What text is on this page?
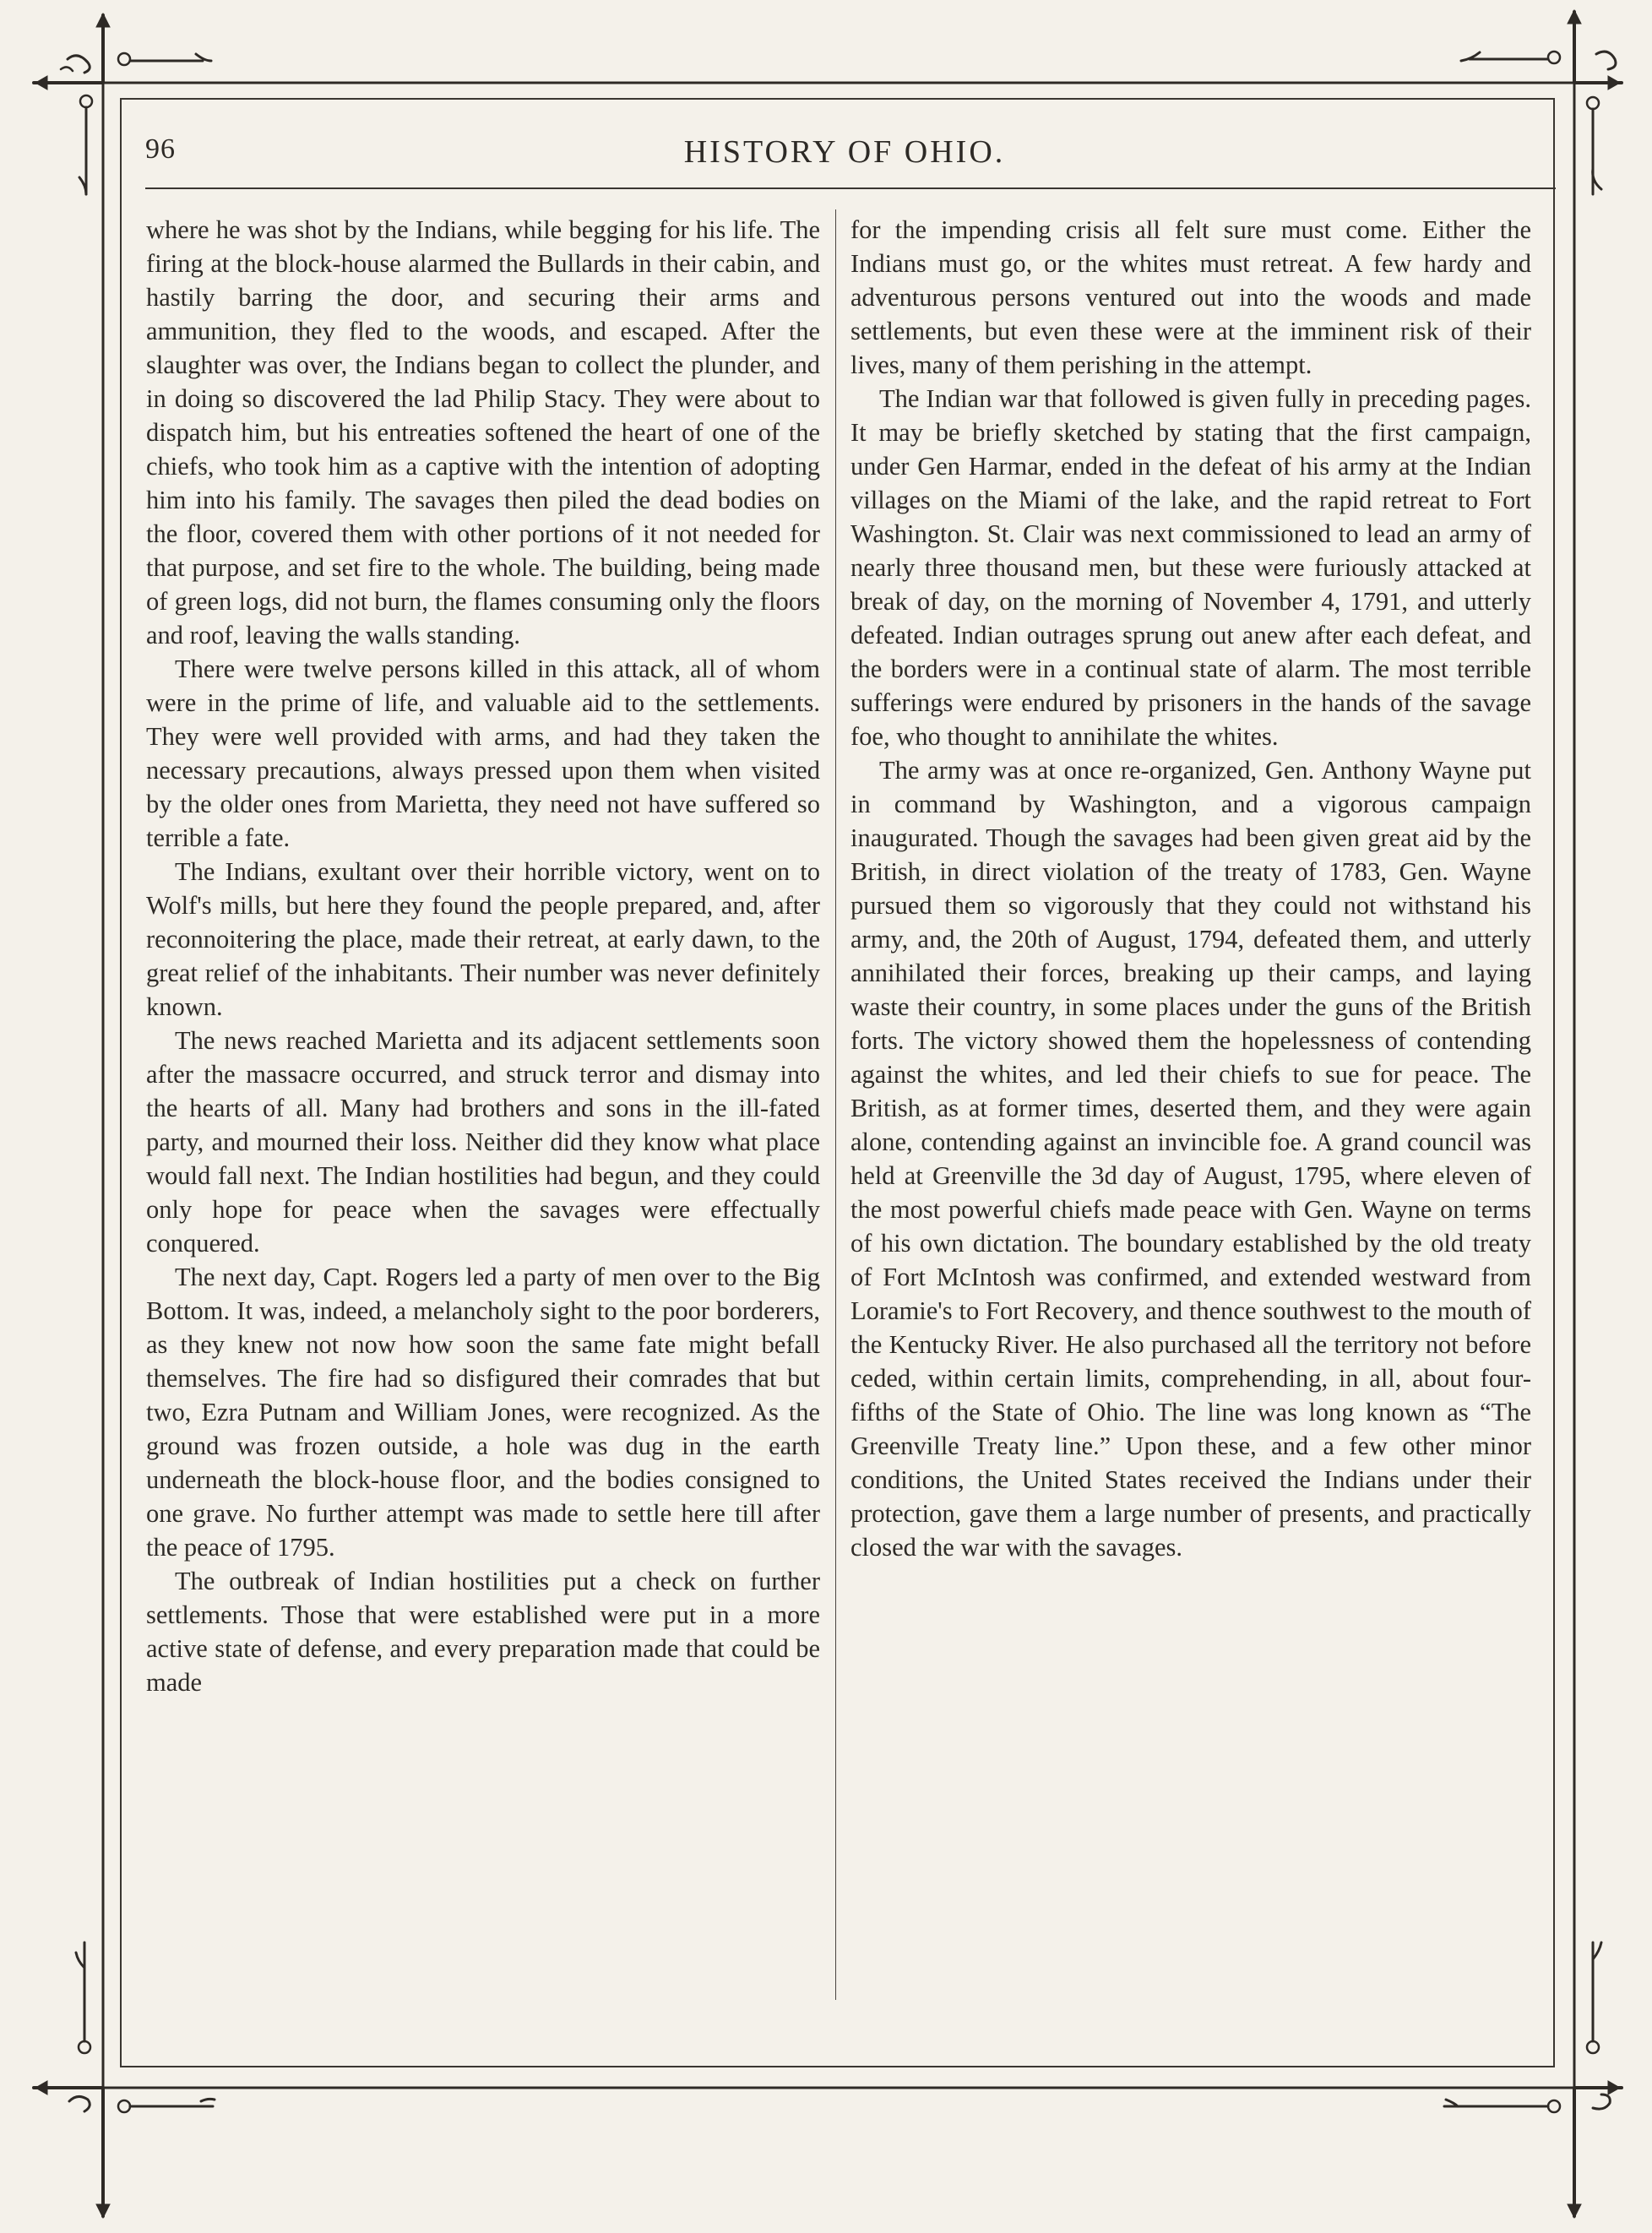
96	HISTORY OF OHIO.

where he was shot by the Indians, while begging for his life. The firing at the block-house alarmed the Bullards in their cabin, and hastily barring the door, and securing their arms and ammunition, they fled to the woods, and escaped. After the slaughter was over, the Indians began to collect the plunder, and in doing so discovered the lad Philip Stacy. They were about to dispatch him, but his entreaties softened the heart of one of the chiefs, who took him as a captive with the intention of adopting him into his family. The savages then piled the dead bodies on the floor, covered them with other portions of it not needed for that purpose, and set fire to the whole. The building, being made of green logs, did not burn, the flames consuming only the floors and roof, leaving the walls standing.

There were twelve persons killed in this attack, all of whom were in the prime of life, and valuable aid to the settlements. They were well provided with arms, and had they taken the necessary precautions, always pressed upon them when visited by the older ones from Marietta, they need not have suffered so terrible a fate.

The Indians, exultant over their horrible victory, went on to Wolf's mills, but here they found the people prepared, and, after reconnoitering the place, made their retreat, at early dawn, to the great relief of the inhabitants. Their number was never definitely known.

The news reached Marietta and its adjacent settlements soon after the massacre occurred, and struck terror and dismay into the hearts of all. Many had brothers and sons in the ill-fated party, and mourned their loss. Neither did they know what place would fall next. The Indian hostilities had begun, and they could only hope for peace when the savages were effectually conquered.

The next day, Capt. Rogers led a party of men over to the Big Bottom. It was, indeed, a melancholy sight to the poor borderers, as they knew not now how soon the same fate might befall themselves. The fire had so disfigured their comrades that but two, Ezra Putnam and William Jones, were recognized. As the ground was frozen outside, a hole was dug in the earth underneath the block-house floor, and the bodies consigned to one grave. No further attempt was made to settle here till after the peace of 1795.

The outbreak of Indian hostilities put a check on further settlements. Those that were established were put in a more active state of defense, and every preparation made that could be made

for the impending crisis all felt sure must come. Either the Indians must go, or the whites must retreat. A few hardy and adventurous persons ventured out into the woods and made settlements, but even these were at the imminent risk of their lives, many of them perishing in the attempt.

The Indian war that followed is given fully in preceding pages. It may be briefly sketched by stating that the first campaign, under Gen Harmar, ended in the defeat of his army at the Indian villages on the Miami of the lake, and the rapid retreat to Fort Washington. St. Clair was next commissioned to lead an army of nearly three thousand men, but these were furiously attacked at break of day, on the morning of November 4, 1791, and utterly defeated. Indian outrages sprung out anew after each defeat, and the borders were in a continual state of alarm. The most terrible sufferings were endured by prisoners in the hands of the savage foe, who thought to annihilate the whites.

The army was at once re-organized, Gen. Anthony Wayne put in command by Washington, and a vigorous campaign inaugurated. Though the savages had been given great aid by the British, in direct violation of the treaty of 1783, Gen. Wayne pursued them so vigorously that they could not withstand his army, and, the 20th of August, 1794, defeated them, and utterly annihilated their forces, breaking up their camps, and laying waste their country, in some places under the guns of the British forts. The victory showed them the hopelessness of contending against the whites, and led their chiefs to sue for peace. The British, as at former times, deserted them, and they were again alone, contending against an invincible foe. A grand council was held at Greenville the 3d day of August, 1795, where eleven of the most powerful chiefs made peace with Gen. Wayne on terms of his own dictation. The boundary established by the old treaty of Fort McIntosh was confirmed, and extended westward from Loramie's to Fort Recovery, and thence southwest to the mouth of the Kentucky River. He also purchased all the territory not before ceded, within certain limits, comprehending, in all, about four-fifths of the State of Ohio. The line was long known as “The Greenville Treaty line.” Upon these, and a few other minor conditions, the United States received the Indians under their protection, gave them a large number of presents, and practically closed the war with the savages.
